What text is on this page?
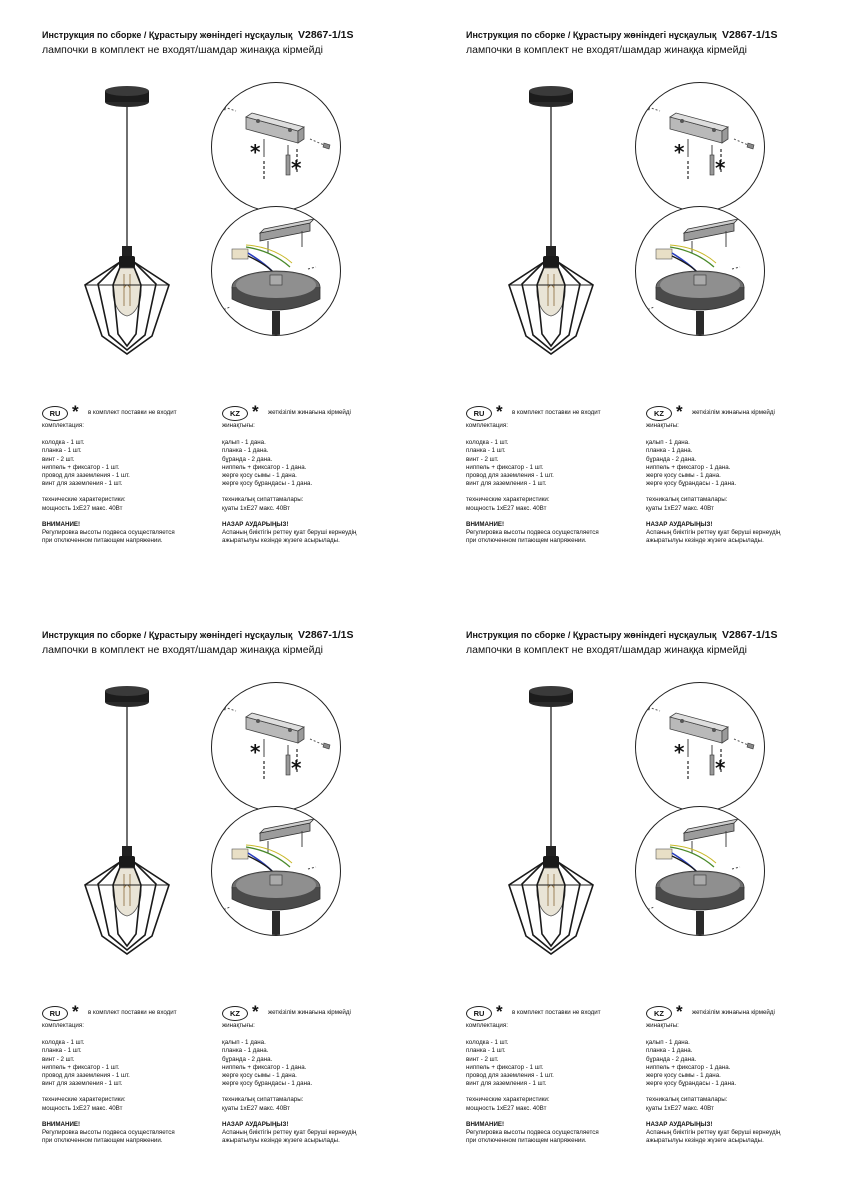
Инструкция по сборке / Құрастыру жөніндегі нұсқаулық V2867-1/1S
лампочки в комплект не входят/шамдар жинаққа кірмейді
*
*
RU * в комплект поставки не входит

комплектация:

колодка - 1 шт.

планка - 1 шт.

винт - 2 шт.

ниппель + фиксатор - 1 шт.

провод для заземления - 1 шт.

винт для заземления - 1 шт.

технические характеристики:

мощность 1хЕ27 макс. 40Вт

ВНИМАНИЕ!

Регулировка высоты подвеса осуществляется

при отключенном питающем напряжении.

KZ * жеткізілім жинағына кірмейді

жинақтығы:

қалып - 1 дана.

планка - 1 дана.

бұранда - 2 дана.

ниппель + фиксатор - 1 дана.

жерге қосу сымы - 1 дана.

жерге қосу бұрандасы - 1 дана.

техникалық сипаттамалары:

қуаты 1хЕ27 макс. 40Вт

НАЗАР АУДАРЫҢЫЗ!

Аспаның биіктігін реттеу қуат беруші кернеудің

ажыратылуы кезінде жүзеге асырылады.

Инструкция по сборке / Құрастыру жөніндегі нұсқаулық V2867-1/1S
лампочки в комплект не входят/шамдар жинаққа кірмейді
*
*
RU * в комплект поставки не входит

комплектация:

колодка - 1 шт.

планка - 1 шт.

винт - 2 шт.

ниппель + фиксатор - 1 шт.

провод для заземления - 1 шт.

винт для заземления - 1 шт.

технические характеристики:

мощность 1хЕ27 макс. 40Вт

ВНИМАНИЕ!

Регулировка высоты подвеса осуществляется

при отключенном питающем напряжении.

KZ * жеткізілім жинағына кірмейді

жинақтығы:

қалып - 1 дана.

планка - 1 дана.

бұранда - 2 дана.

ниппель + фиксатор - 1 дана.

жерге қосу сымы - 1 дана.

жерге қосу бұрандасы - 1 дана.

техникалық сипаттамалары:

қуаты 1хЕ27 макс. 40Вт

НАЗАР АУДАРЫҢЫЗ!

Аспаның биіктігін реттеу қуат беруші кернеудің

ажыратылуы кезінде жүзеге асырылады.

Инструкция по сборке / Құрастыру жөніндегі нұсқаулық V2867-1/1S
лампочки в комплект не входят/шамдар жинаққа кірмейді
*
*
RU * в комплект поставки не входит

комплектация:

колодка - 1 шт.

планка - 1 шт.

винт - 2 шт.

ниппель + фиксатор - 1 шт.

провод для заземления - 1 шт.

винт для заземления - 1 шт.

технические характеристики:

мощность 1хЕ27 макс. 40Вт

ВНИМАНИЕ!

Регулировка высоты подвеса осуществляется

при отключенном питающем напряжении.

KZ * жеткізілім жинағына кірмейді

жинақтығы:

қалып - 1 дана.

планка - 1 дана.

бұранда - 2 дана.

ниппель + фиксатор - 1 дана.

жерге қосу сымы - 1 дана.

жерге қосу бұрандасы - 1 дана.

техникалық сипаттамалары:

қуаты 1хЕ27 макс. 40Вт

НАЗАР АУДАРЫҢЫЗ!

Аспаның биіктігін реттеу қуат беруші кернеудің

ажыратылуы кезінде жүзеге асырылады.

Инструкция по сборке / Құрастыру жөніндегі нұсқаулық V2867-1/1S
лампочки в комплект не входят/шамдар жинаққа кірмейді
*
*
RU * в комплект поставки не входит

комплектация:

колодка - 1 шт.

планка - 1 шт.

винт - 2 шт.

ниппель + фиксатор - 1 шт.

провод для заземления - 1 шт.

винт для заземления - 1 шт.

технические характеристики:

мощность 1хЕ27 макс. 40Вт

ВНИМАНИЕ!

Регулировка высоты подвеса осуществляется

при отключенном питающем напряжении.

KZ * жеткізілім жинағына кірмейді

жинақтығы:

қалып - 1 дана.

планка - 1 дана.

бұранда - 2 дана.

ниппель + фиксатор - 1 дана.

жерге қосу сымы - 1 дана.

жерге қосу бұрандасы - 1 дана.

техникалық сипаттамалары:

қуаты 1хЕ27 макс. 40Вт

НАЗАР АУДАРЫҢЫЗ!

Аспаның биіктігін реттеу қуат беруші кернеудің

ажыратылуы кезінде жүзеге асырылады.
